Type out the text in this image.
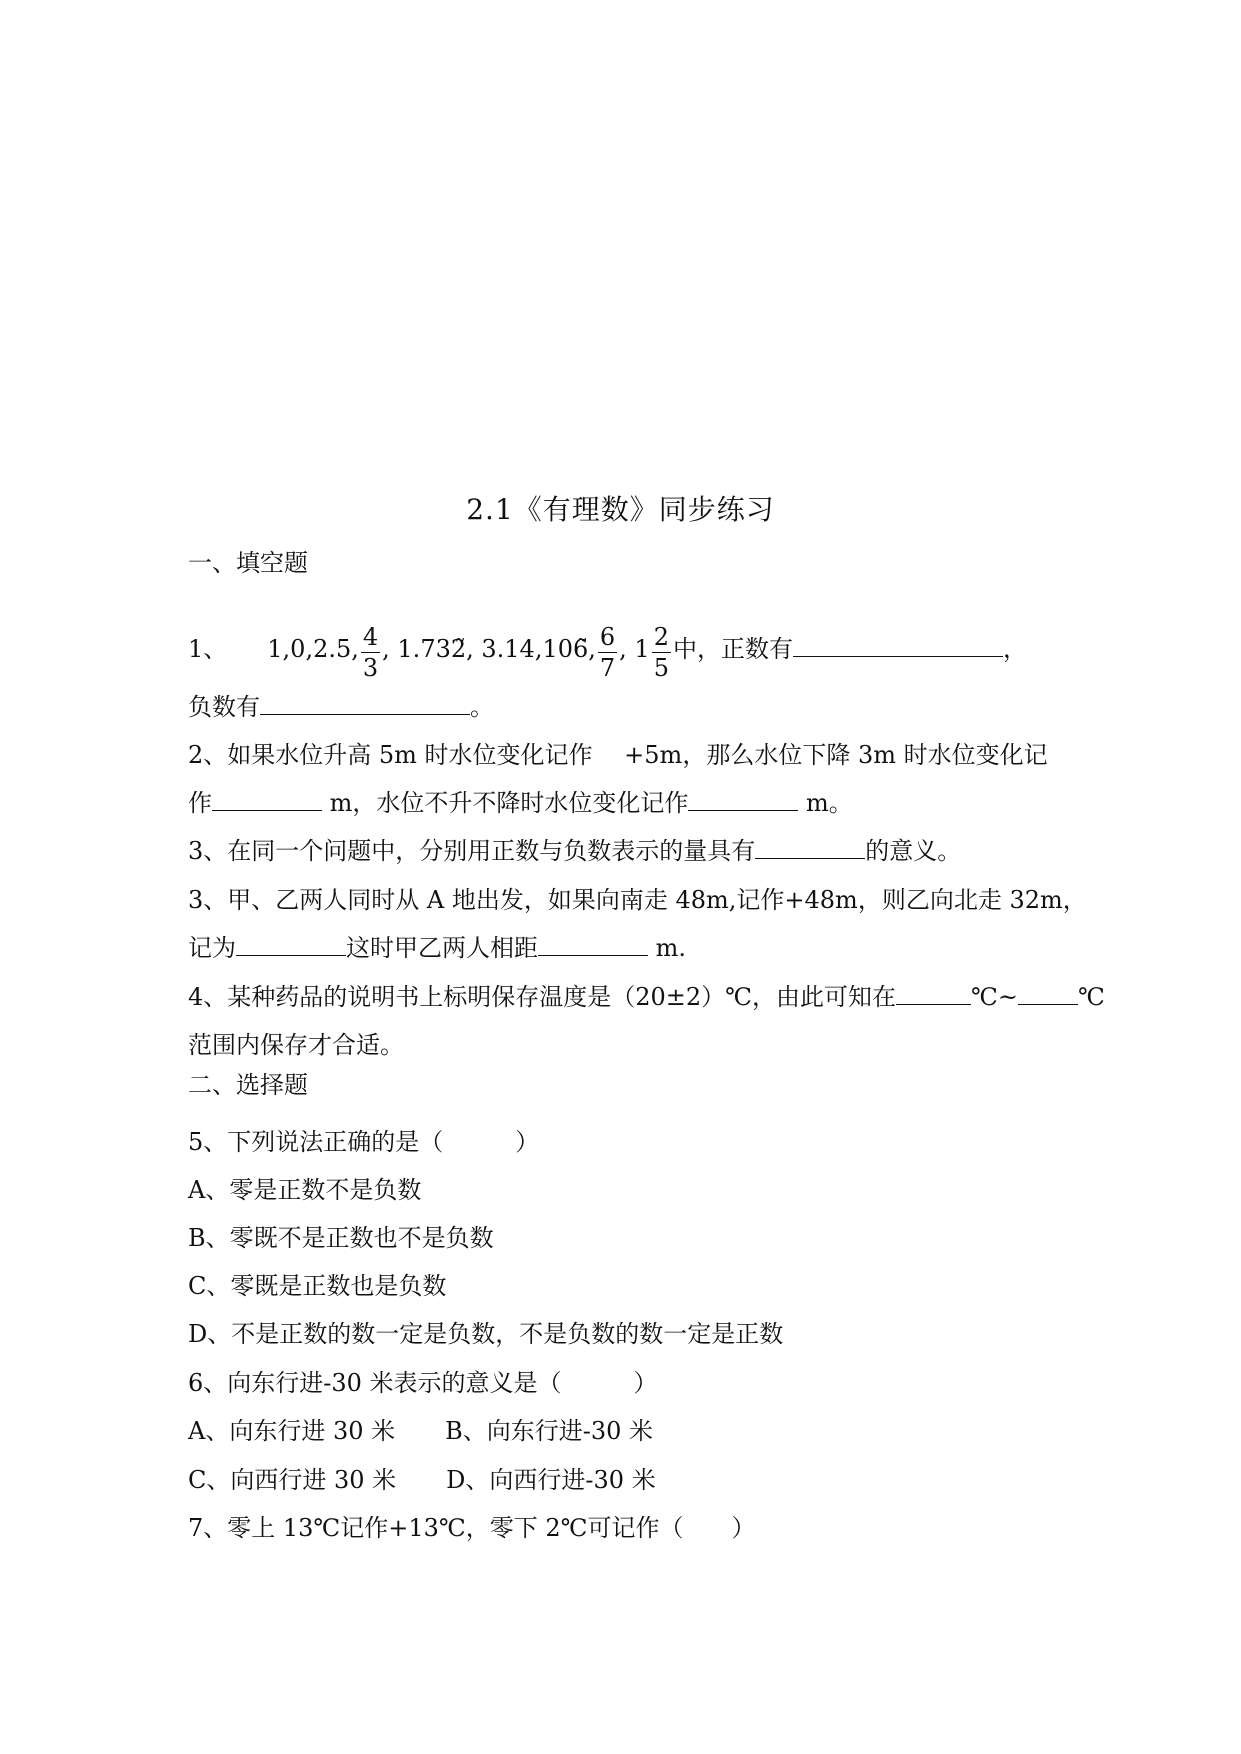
2.1《有理数》同步练习
一、填空题
1、 1,0,2.5, $\frac{4}{3}$ , 1.732̃, 3.14,106̃, $\frac{6}{7}$ , $1 \frac{2}{5}$ 中，正数有	，
负数有	。
2、如果水位升高 5m 时水位变化记作　 +5m，那么水位下降 3m 时水位变化记
作	m，水位不升不降时水位变化记作	m。
3、在同一个问题中，分别用正数与负数表示的量具有	的意义。
3、甲、乙两人同时从 A 地出发，如果向南走 48m,记作+48m，则乙向北走 32m，
记为	这时甲乙两人相距	m.
4、某种药品的说明书上标明保存温度是（20±2）℃，由此可知在	℃~	℃
范围内保存才合适。
二、选择题
5、下列说法正确的是（　　　）
A、零是正数不是负数
B、零既不是正数也不是负数
C、零既是正数也是负数
D、不是正数的数一定是负数，不是负数的数一定是正数
6、向东行进-30 米表示的意义是（　　　）
A、向东行进 30 米 B、向东行进-30 米
C、向西行进 30 米 D、向西行进-30 米
7、零上 13℃记作+13℃，零下 2℃可记作（　　）
